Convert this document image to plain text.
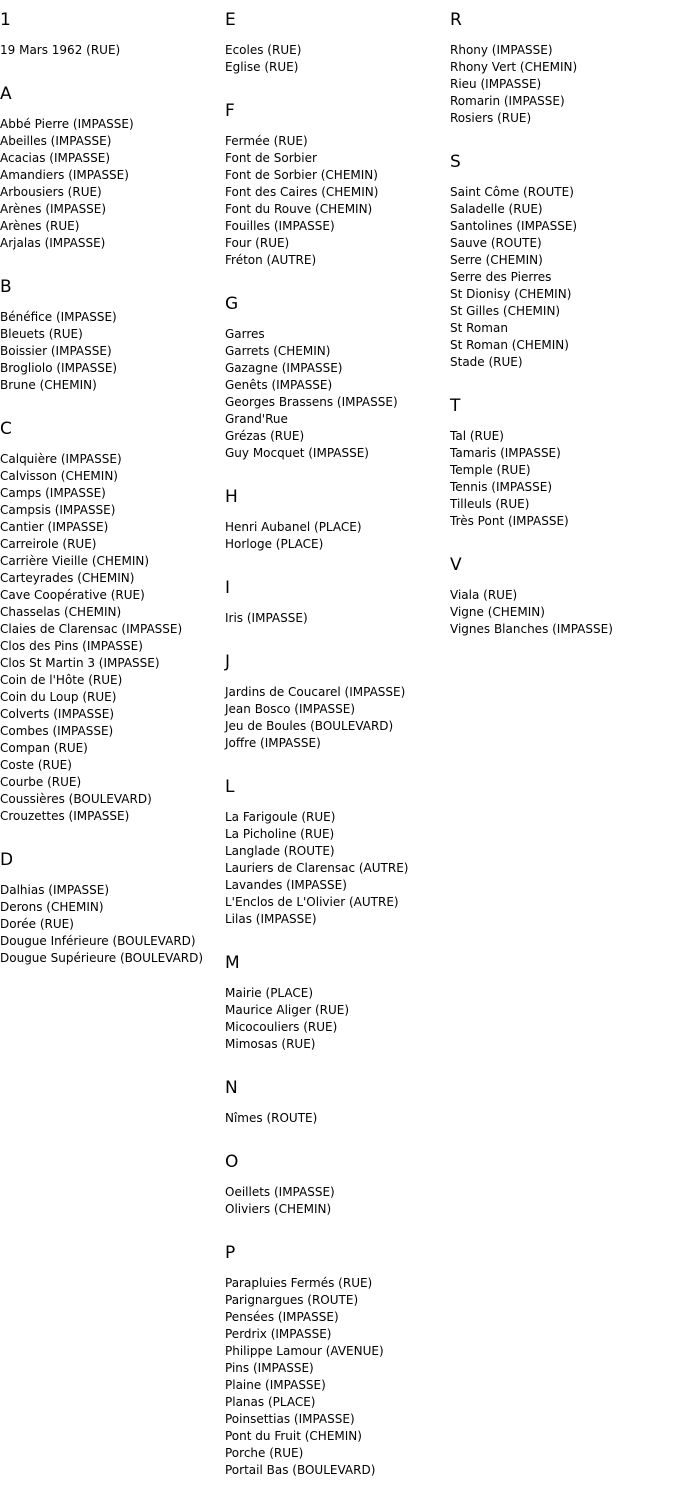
1
19 Mars 1962 (RUE)
A
Abbé Pierre (IMPASSE)
Abeilles (IMPASSE)
Acacias (IMPASSE)
Amandiers (IMPASSE)
Arbousiers (RUE)
Arènes (IMPASSE)
Arènes (RUE)
Arjalas (IMPASSE)
B
Bénéfice (IMPASSE)
Bleuets (RUE)
Boissier (IMPASSE)
Brogliolo (IMPASSE)
Brune (CHEMIN)
C
Calquière (IMPASSE)
Calvisson (CHEMIN)
Camps (IMPASSE)
Campsis (IMPASSE)
Cantier (IMPASSE)
Carreirole (RUE)
Carrière Vieille (CHEMIN)
Carteyrades (CHEMIN)
Cave Coopérative (RUE)
Chasselas (CHEMIN)
Claies de Clarensac (IMPASSE)
Clos des Pins (IMPASSE)
Clos St Martin 3 (IMPASSE)
Coin de l'Hôte (RUE)
Coin du Loup (RUE)
Colverts (IMPASSE)
Combes (IMPASSE)
Compan (RUE)
Coste (RUE)
Courbe (RUE)
Coussières (BOULEVARD)
Crouzettes (IMPASSE)
D
Dalhias (IMPASSE)
Derons (CHEMIN)
Dorée (RUE)
Dougue Inférieure (BOULEVARD)
Dougue Supérieure (BOULEVARD)
E
Ecoles (RUE)
Eglise (RUE)
F
Fermée (RUE)
Font de Sorbier
Font de Sorbier (CHEMIN)
Font des Caires (CHEMIN)
Font du Rouve (CHEMIN)
Fouilles (IMPASSE)
Four (RUE)
Fréton (AUTRE)
G
Garres
Garrets (CHEMIN)
Gazagne (IMPASSE)
Genêts (IMPASSE)
Georges Brassens (IMPASSE)
Grand'Rue
Grézas (RUE)
Guy Mocquet (IMPASSE)
H
Henri Aubanel (PLACE)
Horloge (PLACE)
I
Iris (IMPASSE)
J
Jardins de Coucarel (IMPASSE)
Jean Bosco (IMPASSE)
Jeu de Boules (BOULEVARD)
Joffre (IMPASSE)
L
La Farigoule (RUE)
La Picholine (RUE)
Langlade (ROUTE)
Lauriers de Clarensac (AUTRE)
Lavandes (IMPASSE)
L'Enclos de L'Olivier (AUTRE)
Lilas (IMPASSE)
M
Mairie (PLACE)
Maurice Aliger (RUE)
Micocouliers (RUE)
Mimosas (RUE)
N
Nîmes (ROUTE)
O
Oeillets (IMPASSE)
Oliviers (CHEMIN)
P
Parapluies Fermés (RUE)
Parignargues (ROUTE)
Pensées (IMPASSE)
Perdrix (IMPASSE)
Philippe Lamour (AVENUE)
Pins (IMPASSE)
Plaine (IMPASSE)
Planas (PLACE)
Poinsettias (IMPASSE)
Pont du Fruit (CHEMIN)
Porche (RUE)
Portail Bas (BOULEVARD)
R
Rhony (IMPASSE)
Rhony Vert (CHEMIN)
Rieu (IMPASSE)
Romarin (IMPASSE)
Rosiers (RUE)
S
Saint Côme (ROUTE)
Saladelle (RUE)
Santolines (IMPASSE)
Sauve (ROUTE)
Serre (CHEMIN)
Serre des Pierres
St Dionisy (CHEMIN)
St Gilles (CHEMIN)
St Roman
St Roman (CHEMIN)
Stade (RUE)
T
Tal (RUE)
Tamaris (IMPASSE)
Temple (RUE)
Tennis (IMPASSE)
Tilleuls (RUE)
Très Pont (IMPASSE)
V
Viala (RUE)
Vigne (CHEMIN)
Vignes Blanches (IMPASSE)
